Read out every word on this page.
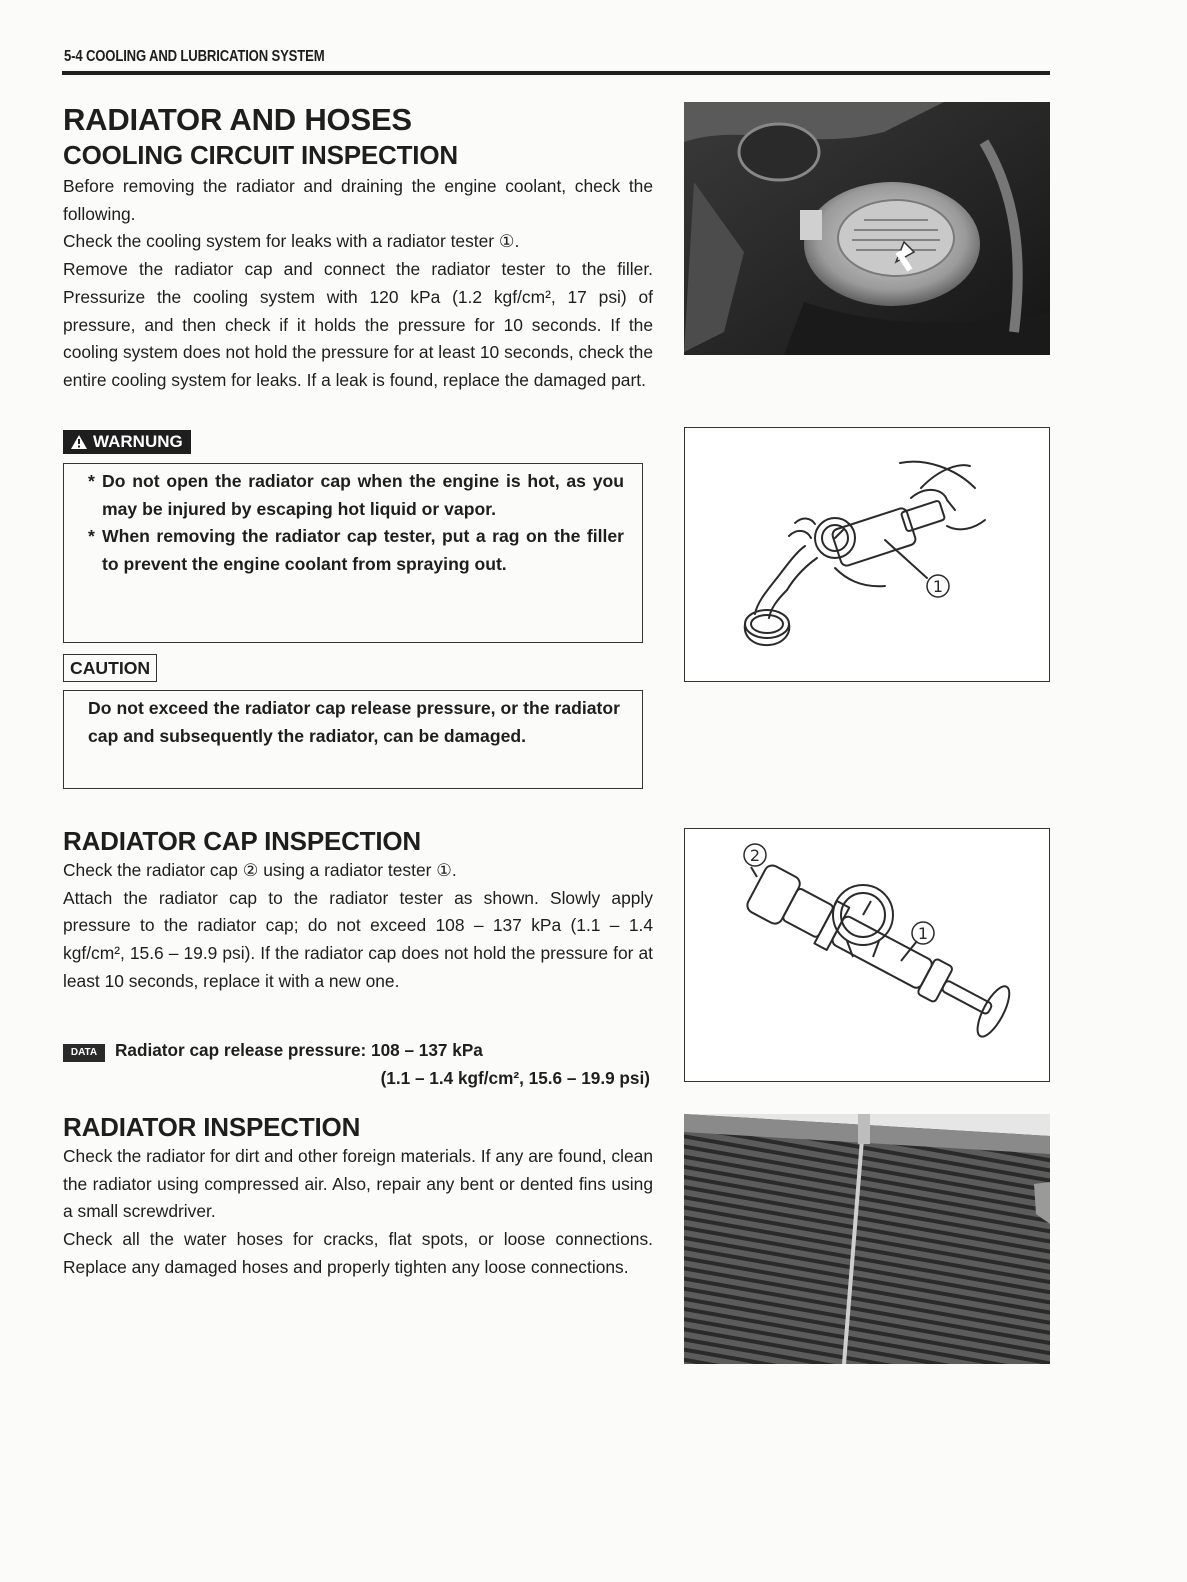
5-4 COOLING AND LUBRICATION SYSTEM
RADIATOR AND HOSES
COOLING CIRCUIT INSPECTION

Before removing the radiator and draining the engine coolant, check the following.

Check the cooling system for leaks with a radiator tester ①.

Remove the radiator cap and connect the radiator tester to the filler. Pressurize the cooling system with 120 kPa (1.2 kgf/cm², 17 psi) of pressure, and then check if it holds the pressure for 10 seconds. If the cooling system does not hold the pressure for at least 10 seconds, check the entire cooling system for leaks. If a leak is found, replace the damaged part.

WARNUNG
* Do not open the radiator cap when the engine is hot, as you may be injured by escaping hot liquid or vapor.
* When removing the radiator cap tester, put a rag on the filler to prevent the engine coolant from spraying out.
CAUTION
Do not exceed the radiator cap release pressure, or the radiator cap and subsequently the radiator, can be damaged.
RADIATOR CAP INSPECTION

Check the radiator cap ② using a radiator tester ①.

Attach the radiator cap to the radiator tester as shown. Slowly apply pressure to the radiator cap; do not exceed 108 – 137 kPa (1.1 – 1.4 kgf/cm², 15.6 – 19.9 psi). If the radiator cap does not hold the pressure for at least 10 seconds, replace it with a new one.

DATA Radiator cap release pressure: 108 – 137 kPa
(1.1 – 1.4 kgf/cm², 15.6 – 19.9 psi)
RADIATOR INSPECTION

Check the radiator for dirt and other foreign materials. If any are found, clean the radiator using compressed air. Also, repair any bent or dented fins using a small screwdriver.

Check all the water hoses for cracks, flat spots, or loose connections. Replace any damaged hoses and properly tighten any loose connections.

1
1
2
